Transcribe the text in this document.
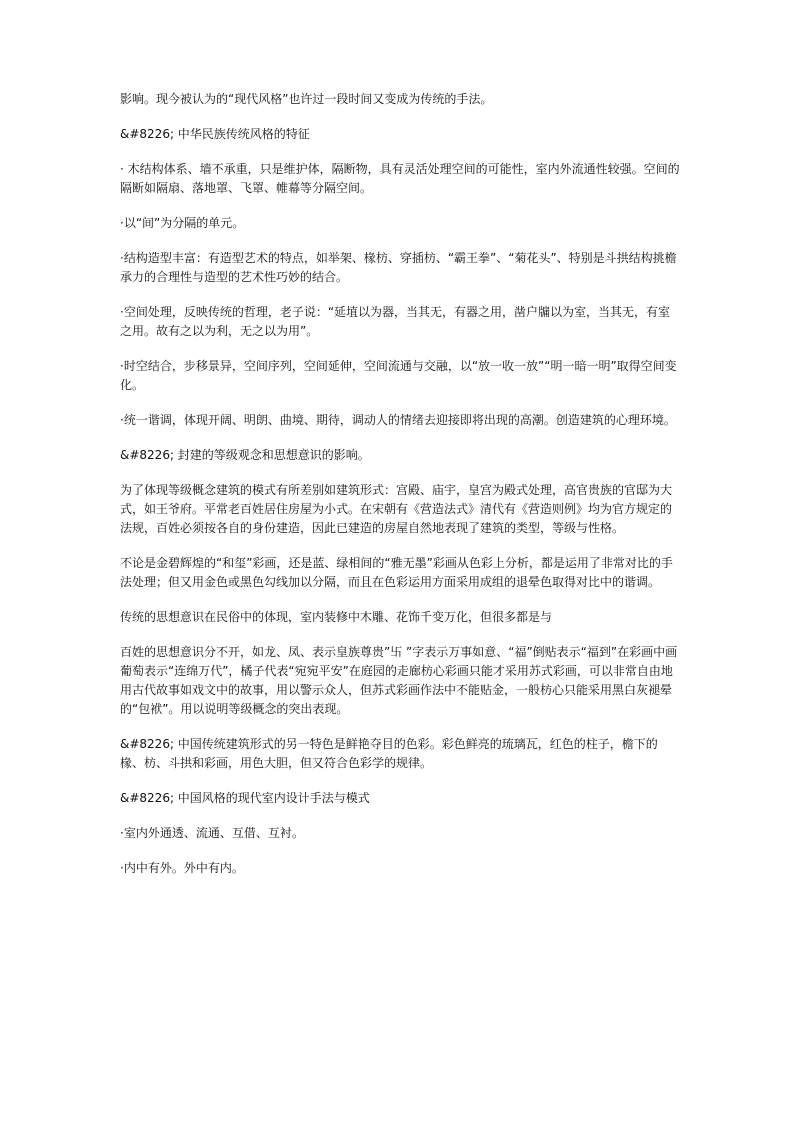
影响。现今被认为的“现代风格”也许过一段时间又变成为传统的手法。

&#8226; 中华民族传统风格的特征

· 木结构体系、墙不承重，只是维护体，隔断物，具有灵活处理空间的可能性，室内外流通性较强。空间的隔断如隔扇、落地罩、飞罩、帷幕等分隔空间。

·以“间”为分隔的单元。

·结构造型丰富：有造型艺术的特点，如举架、椽枋、穿插枋、“霸王拳”、“菊花头”、特别是斗拱结构挑檐承力的合理性与造型的艺术性巧妙的结合。

·空间处理，反映传统的哲理，老子说：“延埴以为器，当其无，有器之用，凿户牖以为室，当其无，有室之用。故有之以为利，无之以为用”。

·时空结合，步移景异，空间序列，空间延伸，空间流通与交融，以“放一收一放”“明一暗一明”取得空间变化。

·统一谐调，体现开阔、明朗、曲境、期待，调动人的情绪去迎接即将出现的高潮。创造建筑的心理环境。

&#8226; 封建的等级观念和思想意识的影响。

为了体现等级概念建筑的模式有所差别如建筑形式：宫殿、庙宇，皇宫为殿式处理，高官贵族的官邸为大式，如王爷府。平常老百姓居住房屋为小式。在宋朝有《营造法式》清代有《营造则例》均为官方规定的法规，百姓必须按各自的身份建造，因此已建造的房屋自然地表现了建筑的类型，等级与性格。

不论是金碧辉煌的“和玺”彩画，还是蓝、绿相间的“雅无墨”彩画从色彩上分析，都是运用了非常对比的手法处理；但又用金色或黑色勾线加以分隔，而且在色彩运用方面采用成组的退晕色取得对比中的谐调。

传统的思想意识在民俗中的体现，室内装修中木雕、花饰千变万化，但很多都是与

百姓的思想意识分不开，如龙、凤、表示皇族尊贵”卐 ”字表示万事如意、“福”倒贴表示“福到”在彩画中画葡萄表示“连绵万代”，橘子代表“宛宛平安”在庭园的走廊枋心彩画只能才采用苏式彩画，可以非常自由地用古代故事如戏文中的故事，用以警示众人，但苏式彩画作法中不能贴金，一般枋心只能采用黑白灰褪晕的“包袱”。用以说明等级概念的突出表现。

&#8226; 中国传统建筑形式的另一特色是鲜艳夺目的色彩。彩色鲜亮的琉璃瓦，红色的柱子，檐下的椽、枋、斗拱和彩画，用色大胆，但又符合色彩学的规律。

&#8226; 中国风格的现代室内设计手法与模式

·室内外通透、流通、互借、互衬。

·内中有外。外中有内。
